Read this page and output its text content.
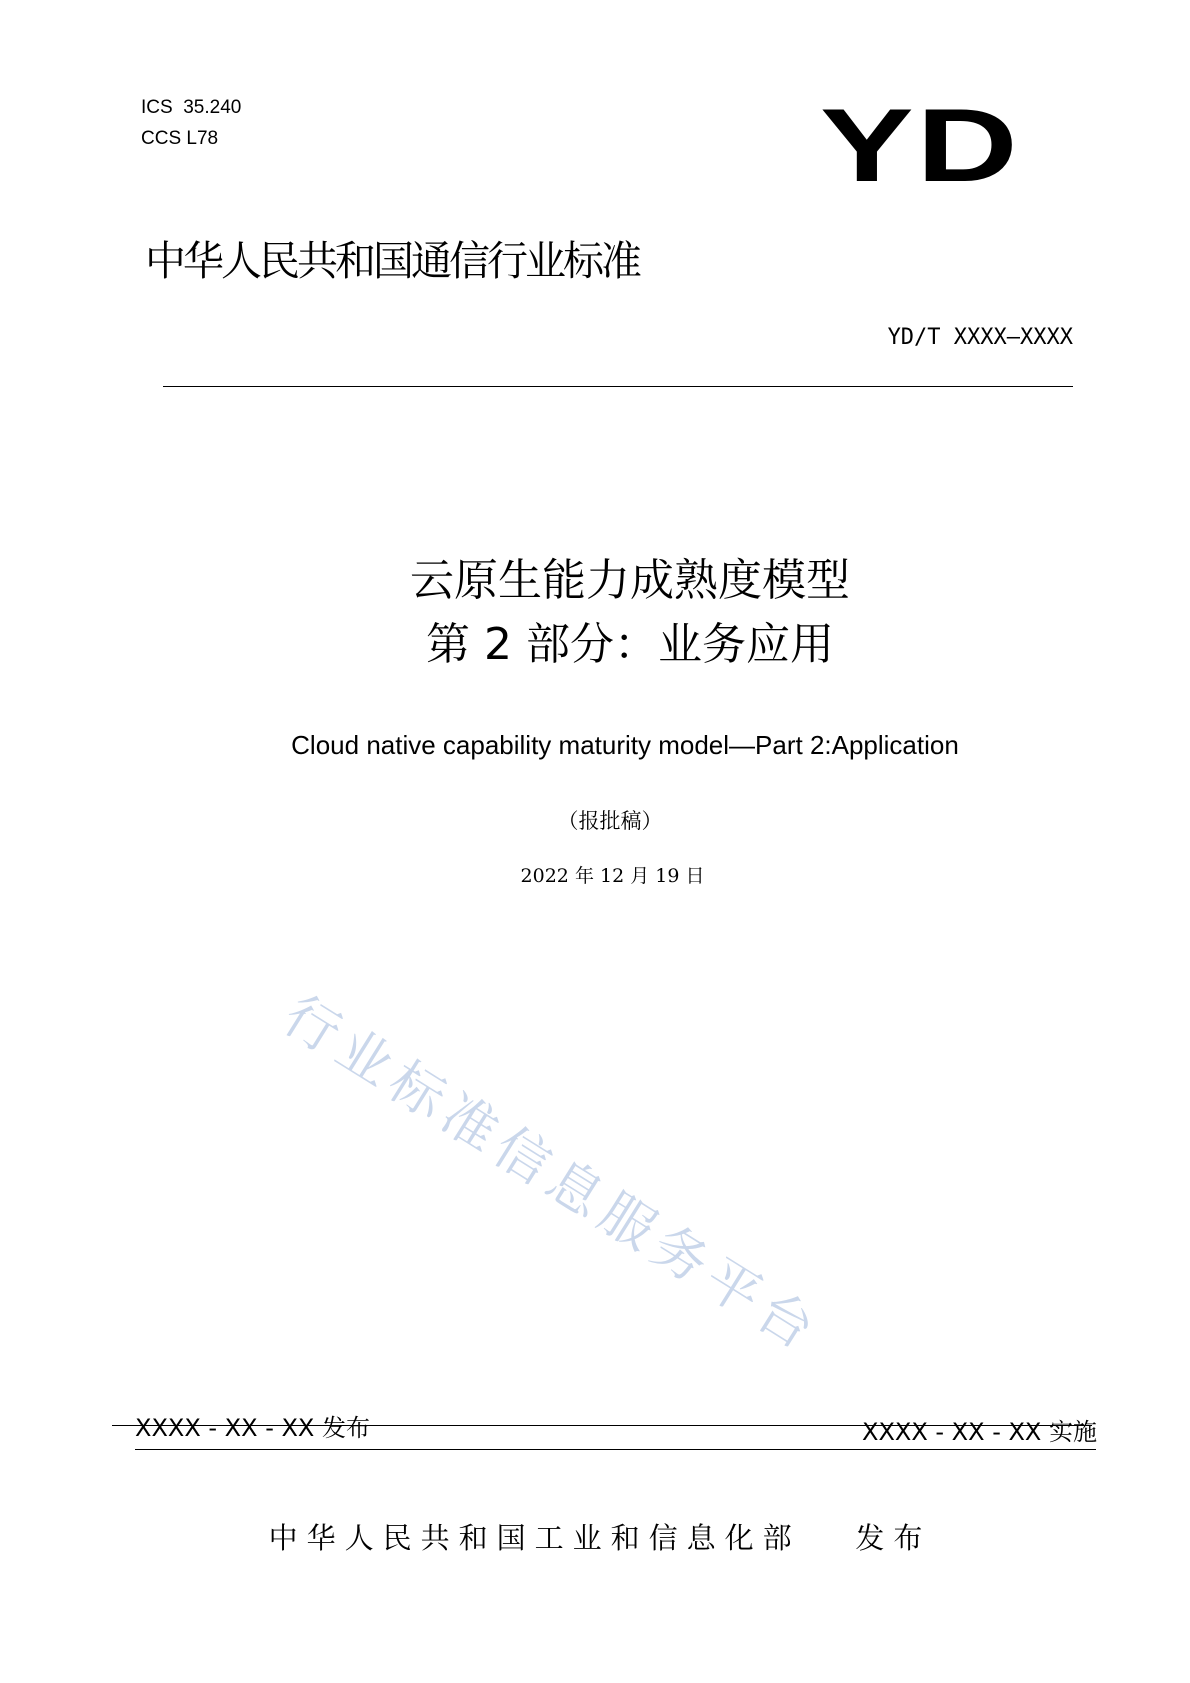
ICS  35.240
CCS L78	YD
中华人民共和国通信行业标准
YD/T XXXX—XXXX
云原生能力成熟度模型
第 2 部分：业务应用
Cloud native capability maturity model—Part 2:Application
（报批稿）
2022 年 12 月 19 日
行业标准信息服务平台
XXXX - XX - XX 发布	XXXX - XX - XX 实施
中华人民共和国工业和信息化部   发布
